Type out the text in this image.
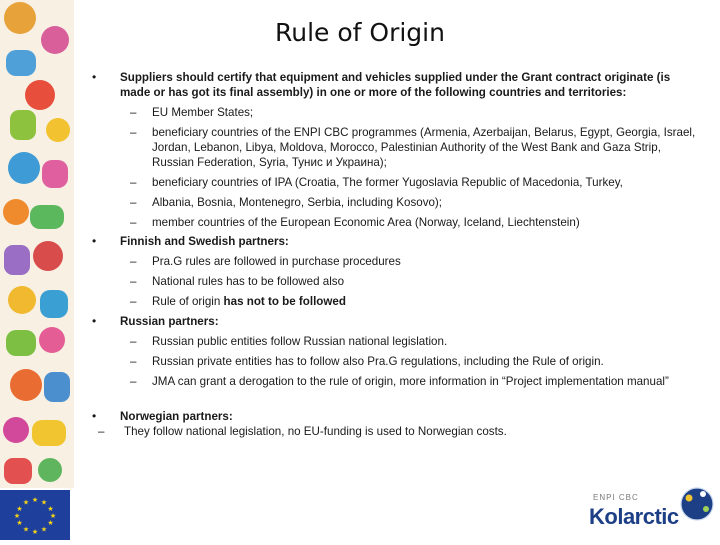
★ ★
★
★
★
★
★
★
★
★
★
★
Rule of Origin
• Suppliers should certify that equipment and vehicles supplied under the Grant contract originate (is made or has got its final assembly) in one or more of the following countries and territories:
– EU Member States;
– beneficiary countries of the ENPI CBC programmes (Armenia, Azerbaijan, Belarus, Egypt, Georgia, Israel, Jordan, Lebanon, Libya, Moldova, Morocco, Palestinian Authority of the West Bank and Gaza Strip, Russian Federation, Syria, Тунис и Украина);
– beneficiary countries of IPA (Croatia, The former Yugoslavia Republic of Macedonia, Turkey,
– Albania, Bosnia, Montenegro, Serbia, including Kosovo);
– member countries of the European Economic Area (Norway, Iceland, Liechtenstein)
• Finnish and Swedish partners:
– Pra.G rules are followed in purchase procedures
– National rules has to be followed also
– Rule of origin has not to be followed
• Russian partners:
– Russian public entities follow Russian national legislation.
– Russian private entities has to follow also Pra.G regulations, including the Rule of origin.
– JMA can grant a derogation to the rule of origin, more information in “Project implementation manual”
• Norwegian partners:
– They follow national legislation, no EU-funding is used to Norwegian costs.
ENPI CBC
Kolarctic
